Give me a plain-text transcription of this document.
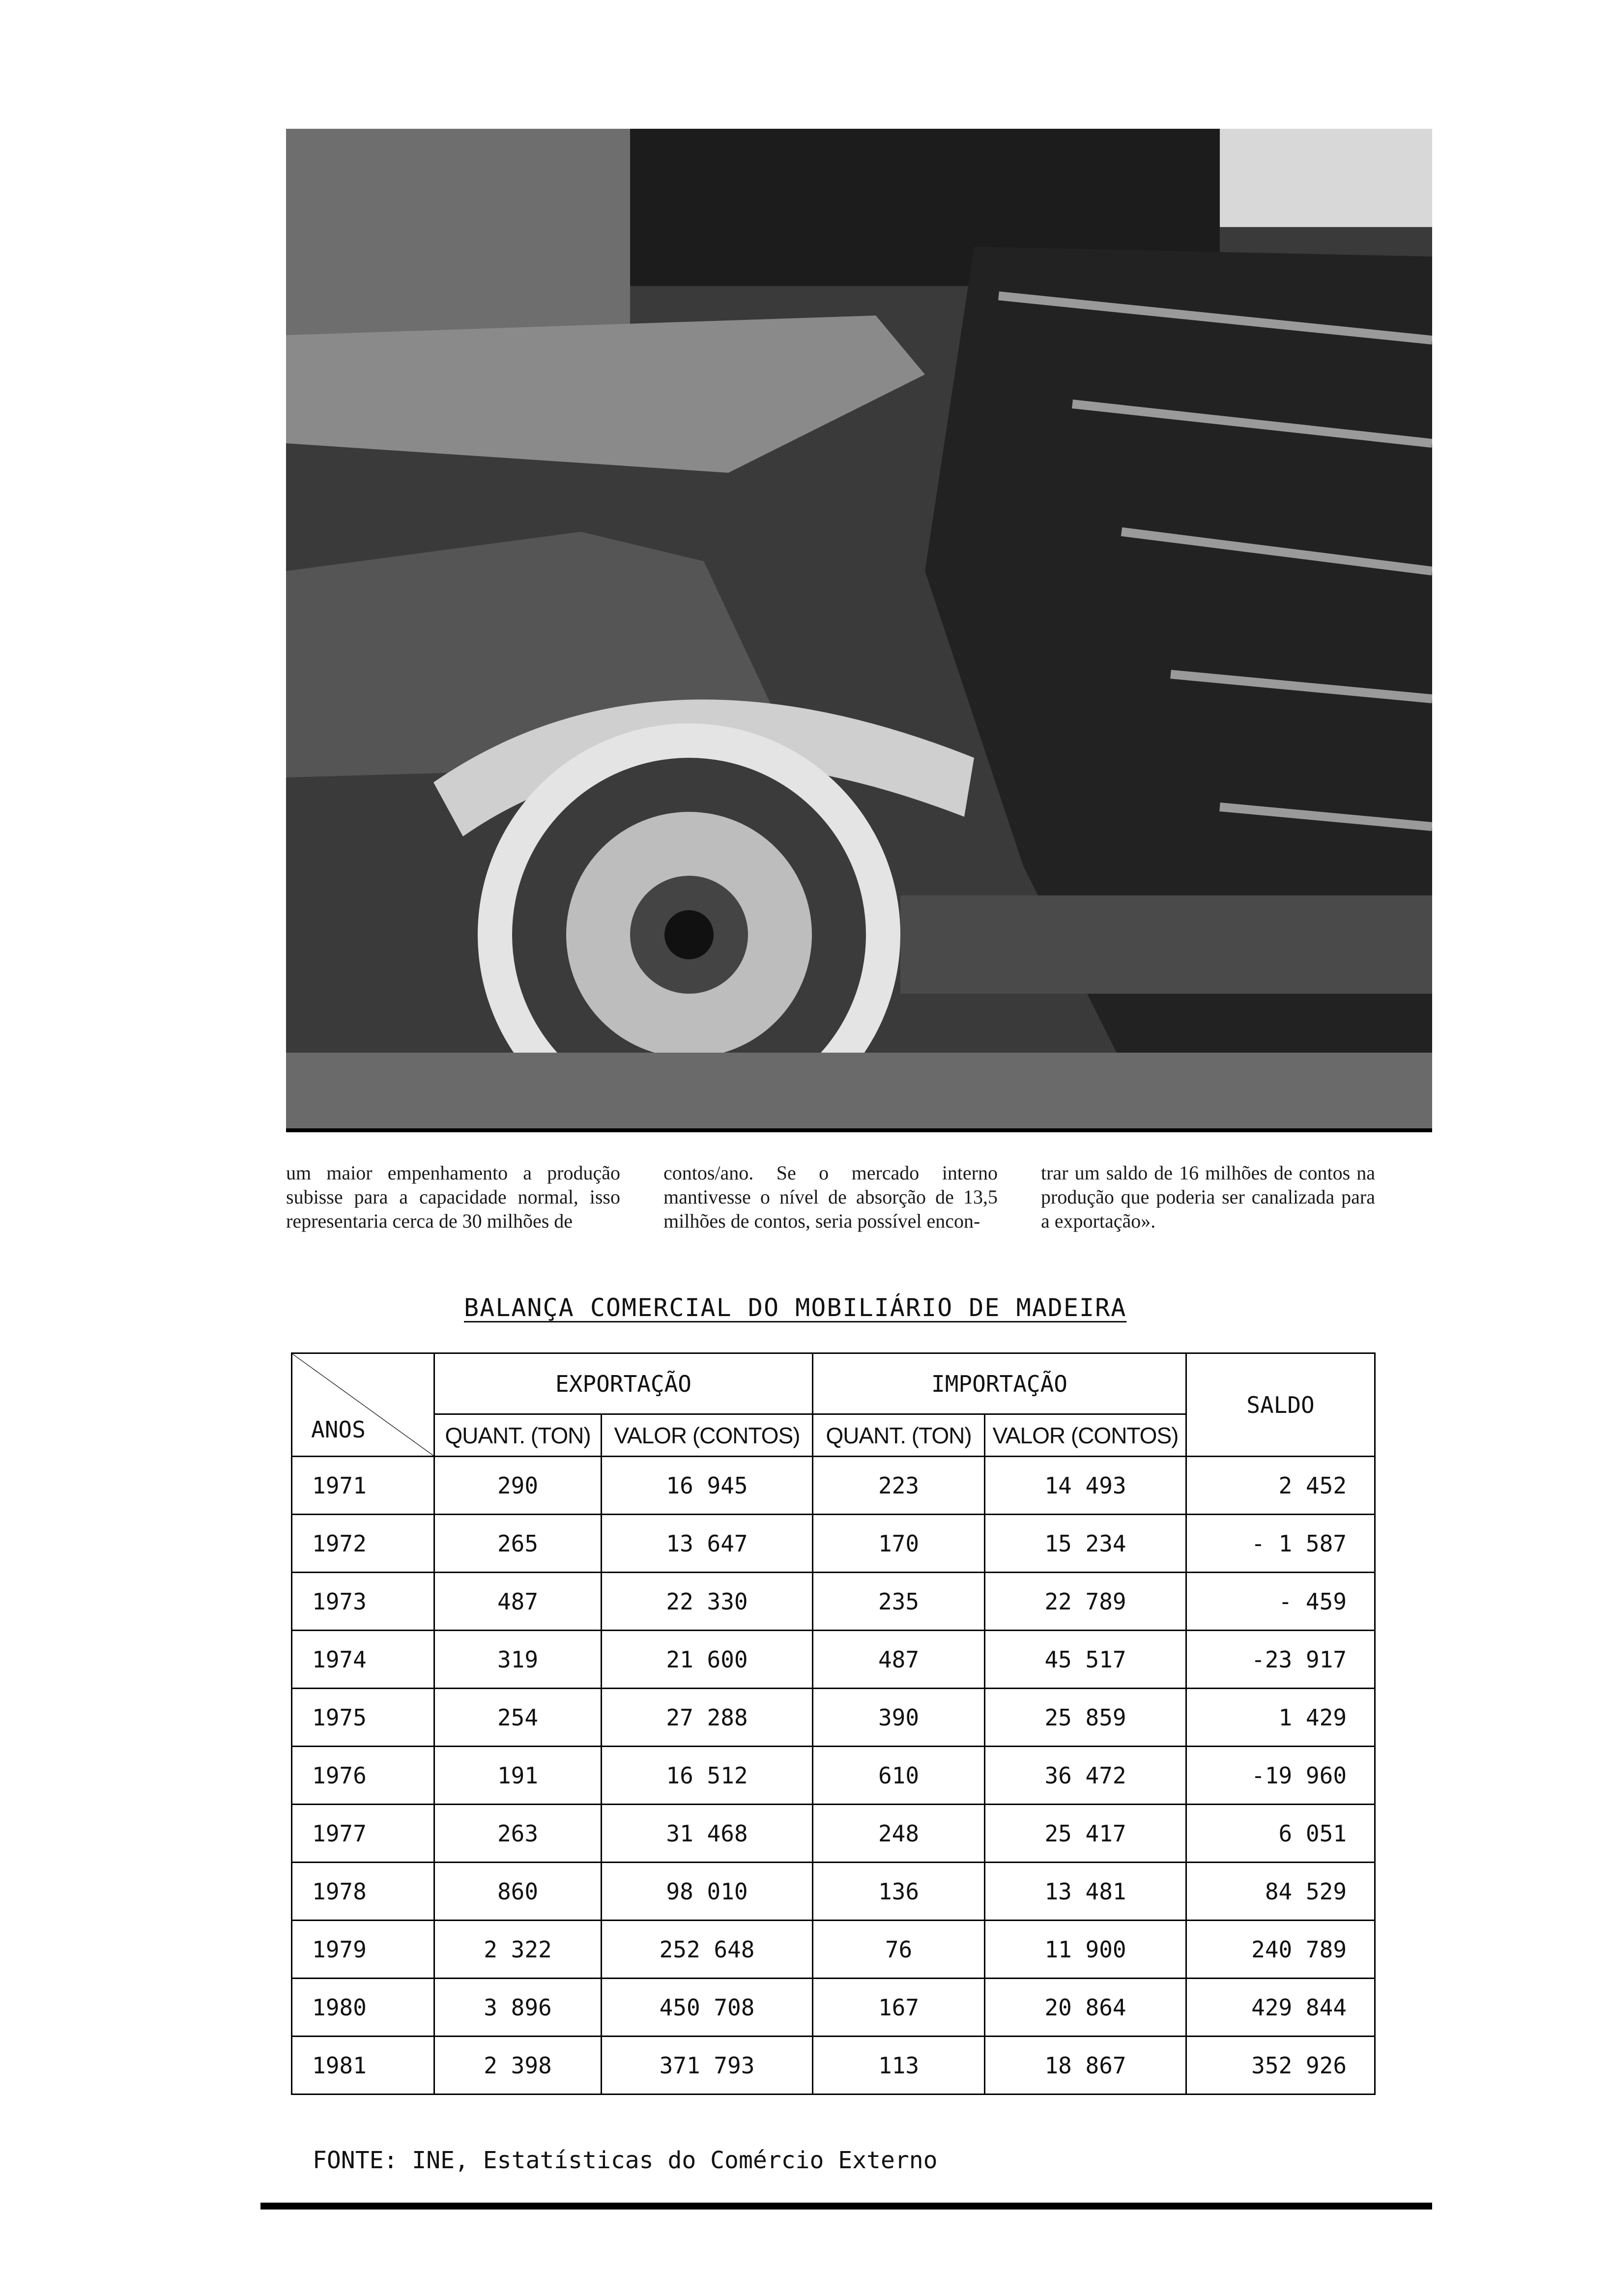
um maior empenhamento a produção subisse para a capacidade normal, isso representaria cerca de 30 milhões de
contos/ano. Se o mercado interno mantivesse o nível de absorção de 13,5 milhões de contos, seria possível encon-
trar um saldo de 16 milhões de contos na produção que poderia ser canalizada para a exportação».
BALANÇA COMERCIAL DO MOBILIÁRIO DE MADEIRA
ANOS	EXPORTAÇÃO		IMPORTAÇÃO		SALDO
	QUANT. (TON)	VALOR (CONTOS)	QUANT. (TON)	VALOR (CONTOS)	
1971	290	16 945	223	14 493	2 452
1972	265	13 647	170	15 234	- 1 587
1973	487	22 330	235	22 789	- 459
1974	319	21 600	487	45 517	-23 917
1975	254	27 288	390	25 859	1 429
1976	191	16 512	610	36 472	-19 960
1977	263	31 468	248	25 417	6 051
1978	860	98 010	136	13 481	84 529
1979	2 322	252 648	76	11 900	240 789
1980	3 896	450 708	167	20 864	429 844
1981	2 398	371 793	113	18 867	352 926
FONTE: INE, Estatísticas do Comércio Externo
